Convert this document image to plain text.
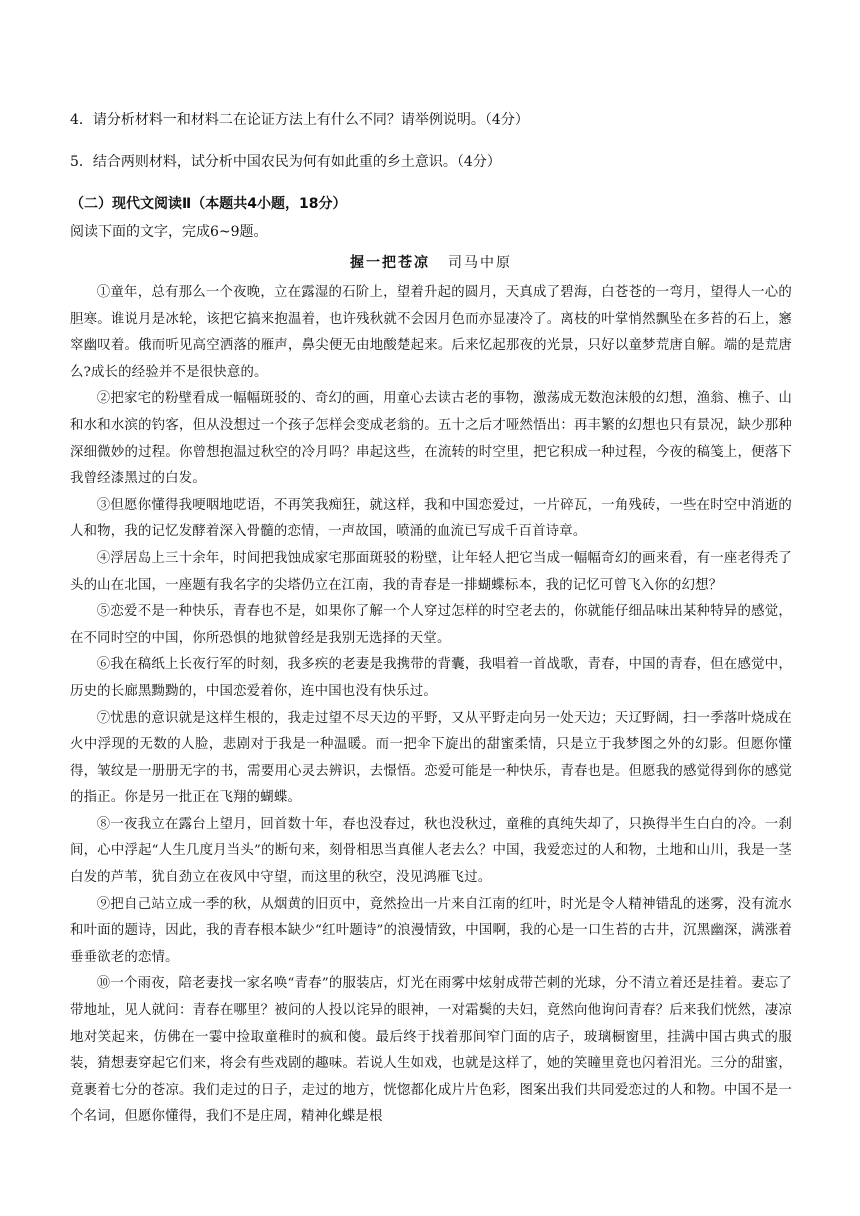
4．请分析材料一和材料二在论证方法上有什么不同？请举例说明。（4分）

5．结合两则材料，试分析中国农民为何有如此重的乡土意识。（4分）

（二）现代文阅读Ⅱ（本题共4小题，18分）
阅读下面的文字，完成6~9题。
握一把苍凉 司马中原

①童年，总有那么一个夜晚，立在露湿的石阶上，望着升起的圆月，天真成了碧海，白苍苍的一弯月，望得人一心的胆寒。谁说月是冰轮，该把它搞来抱温着，也许残秋就不会因月色而亦显凄冷了。离枝的叶掌悄然飘坠在多苔的石上，窸窣幽叹着。俄而听见高空洒落的雁声，鼻尖便无由地酸楚起来。后来忆起那夜的光景，只好以童梦荒唐自解。端的是荒唐么?成长的经验并不是很快意的。

②把家宅的粉壁看成一幅幅斑驳的、奇幻的画，用童心去读古老的事物，激荡成无数泡沫般的幻想，渔翁、樵子、山和水和水滨的钓客，但从没想过一个孩子怎样会变成老翁的。五十之后才哑然悟出：再丰繁的幻想也只有景况，缺少那种深细微妙的过程。你曾想抱温过秋空的冷月吗？串起这些，在流转的时空里，把它积成一种过程，今夜的稿笺上，便落下我曾经漆黑过的白发。

③但愿你懂得我哽咽地呓语，不再笑我痴狂，就这样，我和中国恋爱过，一片碎瓦，一角残砖，一些在时空中消逝的人和物，我的记忆发酵着深入骨髓的恋情，一声故国，喷涌的血流已写成千百首诗章。

④浮居岛上三十余年，时间把我蚀成家宅那面斑驳的粉壁，让年轻人把它当成一幅幅奇幻的画来看，有一座老得秃了头的山在北国，一座题有我名字的尖塔仍立在江南，我的青春是一排蝴蝶标本，我的记忆可曾飞入你的幻想？

⑤恋爱不是一种快乐，青春也不是，如果你了解一个人穿过怎样的时空老去的，你就能仔细品味出某种特异的感觉，在不同时空的中国，你所恐惧的地狱曾经是我别无选择的天堂。

⑥我在稿纸上长夜行军的时刻，我多疾的老妻是我携带的背囊，我唱着一首战歌，青春，中国的青春，但在感觉中，历史的长廊黑黝黝的，中国恋爱着你，连中国也没有快乐过。

⑦忧患的意识就是这样生根的，我走过望不尽天边的平野，又从平野走向另一处天边；天辽野阔，扫一季落叶烧成在火中浮现的无数的人脸，悲剧对于我是一种温暖。而一把伞下旋出的甜蜜柔情，只是立于我梦图之外的幻影。但愿你懂得，皱纹是一册册无字的书，需要用心灵去辨识，去憬悟。恋爱可能是一种快乐，青春也是。但愿我的感觉得到你的感觉的指正。你是另一批正在飞翔的蝴蝶。

⑧一夜我立在露台上望月，回首数十年，春也没春过，秋也没秋过，童稚的真纯失却了，只换得半生白白的冷。一刹间，心中浮起“人生几度月当头”的断句来，刻骨相思当真催人老去么？中国，我爱恋过的人和物，土地和山川，我是一茎白发的芦苇，犹自劲立在夜风中守望，而这里的秋空，没见鸿雁飞过。

⑨把自己站立成一季的秋，从烟黄的旧页中，竟然捡出一片来自江南的红叶，时光是令人精神错乱的迷雾，没有流水和叶面的题诗，因此，我的青春根本缺少“红叶题诗”的浪漫情致，中国啊，我的心是一口生苔的古井，沉黑幽深，满涨着垂垂欲老的恋情。

⑩一个雨夜，陪老妻找一家名唤“青春”的服装店，灯光在雨雾中炫射成带芒刺的光球，分不清立着还是挂着。妻忘了带地址，见人就问：青春在哪里？被问的人投以诧异的眼神，一对霜鬓的夫妇，竟然向他询问青春？后来我们恍然，凄凉地对笑起来，仿佛在一霎中捡取童稚时的疯和傻。最后终于找着那间窄门面的店子，玻璃橱窗里，挂满中国古典式的服装，猜想妻穿起它们来，将会有些戏剧的趣味。若说人生如戏，也就是这样了，她的笑瞳里竟也闪着泪光。三分的甜蜜，竟裹着七分的苍凉。我们走过的日子，走过的地方，恍惚都化成片片色彩，图案出我们共同爱恋过的人和物。中国不是一个名词，但愿你懂得，我们不是庄周，精神化蝶是根
